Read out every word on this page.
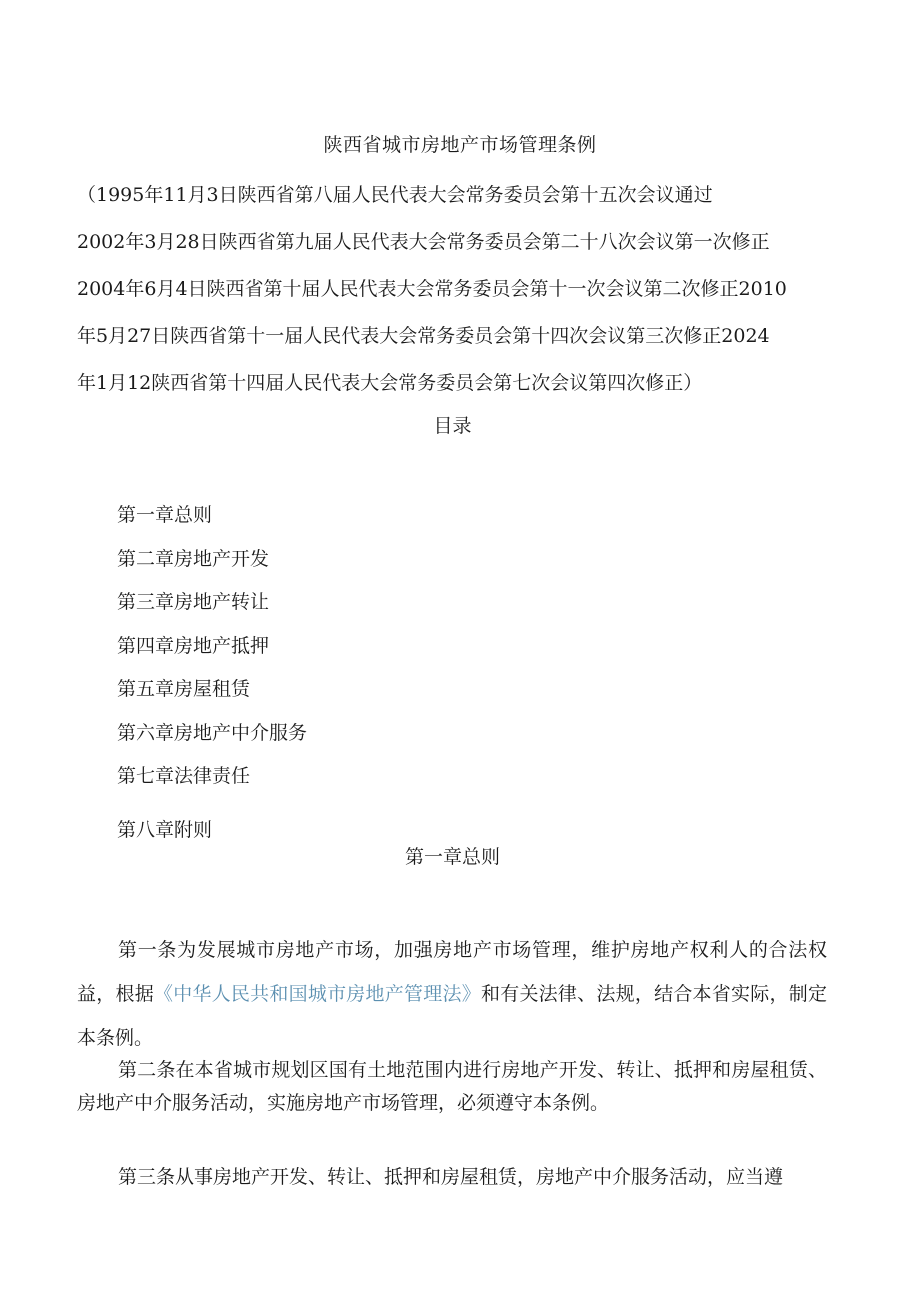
陕西省城市房地产市场管理条例
（1995年11月3日陕西省第八届人民代表大会常务委员会第十五次会议通过
2002年3月28日陕西省第九届人民代表大会常务委员会第二十八次会议第一次修正
2004年6月4日陕西省第十届人民代表大会常务委员会第十一次会议第二次修正2010
年5月27日陕西省第十一届人民代表大会常务委员会第十四次会议第三次修正2024
年1月12陕西省第十四届人民代表大会常务委员会第七次会议第四次修正）
目录
第一章总则
第二章房地产开发
第三章房地产转让
第四章房地产抵押
第五章房屋租赁
第六章房地产中介服务
第七章法律责任
第八章附则
第一章总则

第一条为发展城市房地产市场，加强房地产市场管理，维护房地产权利人的合法权益，根据《中华人民共和国城市房地产管理法》和有关法律、法规，结合本省实际，制定本条例。

第二条在本省城市规划区国有土地范围内进行房地产开发、转让、抵押和房屋租赁、房地产中介服务活动，实施房地产市场管理，必须遵守本条例。

第三条从事房地产开发、转让、抵押和房屋租赁，房地产中介服务活动，应当遵
